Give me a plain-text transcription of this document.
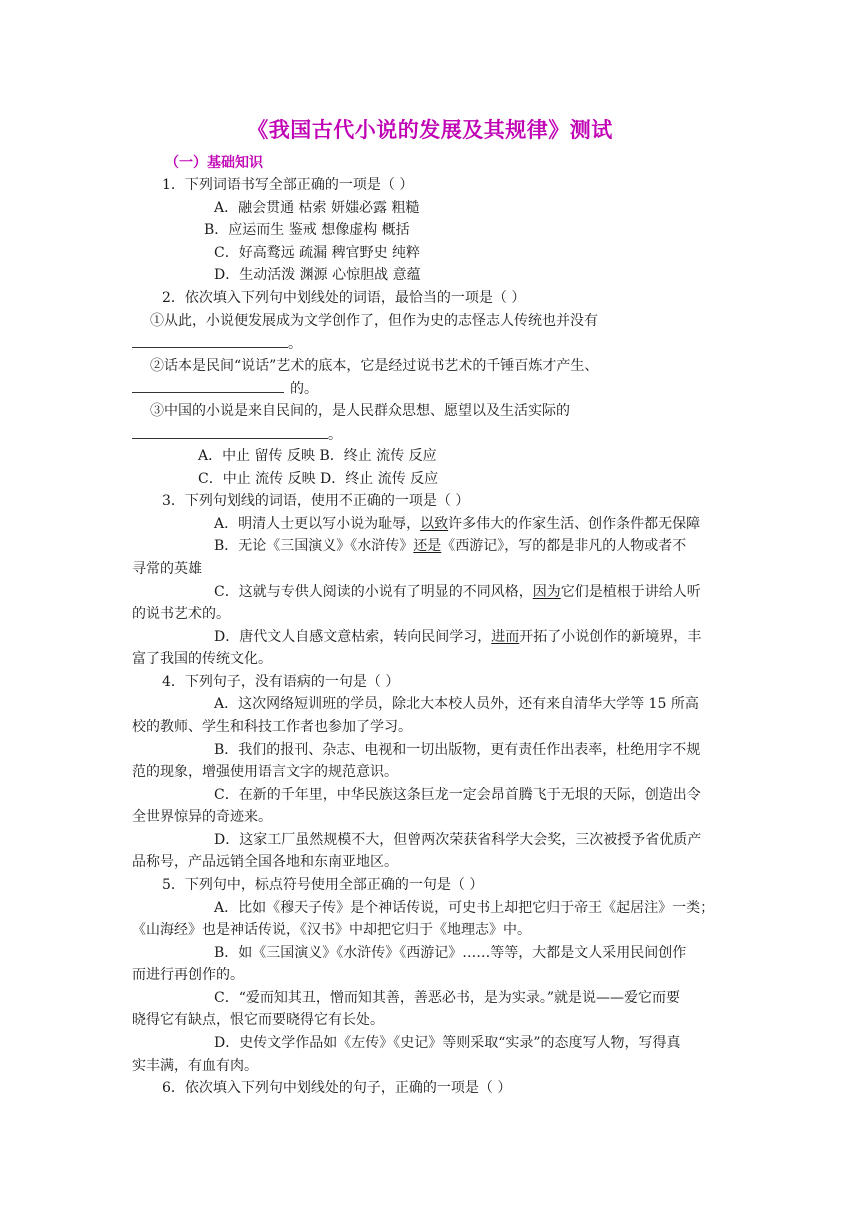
《我国古代小说的发展及其规律》测试
（一）基础知识
1．下列词语书写全部正确的一项是（ ）
A．融会贯通 枯索 妍媸必露 粗糙
B．应运而生 鉴戒 想像虚构 概括
C．好高鹜远 疏漏 稗官野史 纯粹
D．生动活泼 渊源 心惊胆战 意蕴
2．依次填入下列句中划线处的词语，最恰当的一项是（ ）
①从此，小说便发展成为文学创作了，但作为史的志怪志人传统也并没有
。
②话本是民间“说话”艺术的底本，它是经过说书艺术的千锤百炼才产生、
的。
③中国的小说是来自民间的，是人民群众思想、愿望以及生活实际的
。
A．中止 留传 反映 B．终止 流传 反应
C．中止 流传 反映 D．终止 流传 反应
3．下列句划线的词语，使用不正确的一项是（ ）
A．明清人士更以写小说为耻辱，以致许多伟大的作家生活、创作条件都无保障
B．无论《三国演义》《水浒传》还是《西游记》，写的都是非凡的人物或者不
寻常的英雄
C．这就与专供人阅读的小说有了明显的不同风格，因为它们是植根于讲给人听
的说书艺术的。
D．唐代文人自感文意枯索，转向民间学习，进而开拓了小说创作的新境界，丰
富了我国的传统文化。
4．下列句子，没有语病的一句是（ ）
A．这次网络短训班的学员，除北大本校人员外，还有来自清华大学等 15 所高
校的教师、学生和科技工作者也参加了学习。
B．我们的报刊、杂志、电视和一切出版物，更有责任作出表率，杜绝用字不规
范的现象，增强使用语言文字的规范意识。
C．在新的千年里，中华民族这条巨龙一定会昂首腾飞于无垠的天际，创造出令
全世界惊异的奇迹来。
D．这家工厂虽然规模不大，但曾两次荣获省科学大会奖，三次被授予省优质产
品称号，产品远销全国各地和东南亚地区。
5．下列句中，标点符号使用全部正确的一句是（ ）
A．比如《穆天子传》是个神话传说，可史书上却把它归于帝王《起居注》一类；
《山海经》也是神话传说，《汉书》中却把它归于《地理志》中。
B．如《三国演义》《水浒传》《西游记》……等等，大都是文人采用民间创作
而进行再创作的。
C．“爱而知其丑，憎而知其善，善恶必书，是为实录。”就是说——爱它而要
晓得它有缺点，恨它而要晓得它有长处。
D．史传文学作品如《左传》《史记》等则采取“实录”的态度写人物，写得真
实丰满，有血有肉。
6．依次填入下列句中划线处的句子，正确的一项是（ ）
